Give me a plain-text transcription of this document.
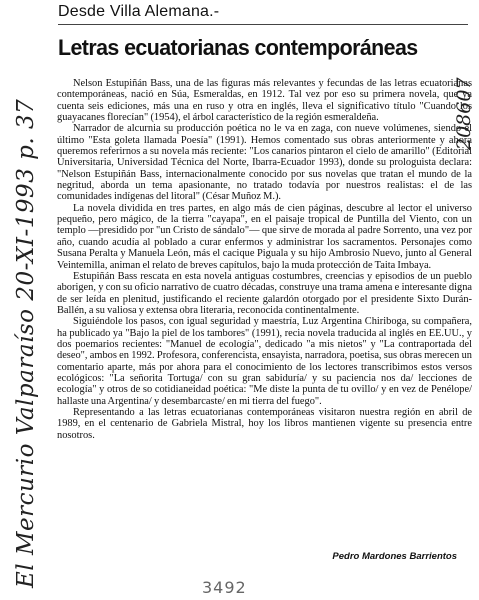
Desde Villa Alemana.-
Letras ecuatorianas contemporáneas

Nelson Estupiñán Bass, una de las figuras más relevantes y fecundas de las letras ecuatorianas contemporáneas, nació en Súa, Esmeraldas, en 1912. Tal vez por eso su primera novela, que ya cuenta seis ediciones, más una en ruso y otra en inglés, lleva el significativo título "Cuando los guayacanes florecían" (1954), el árbol característico de la región esmeraldeña.

Narrador de alcurnia su producción poética no le va en zaga, con nueve volúmenes, siendo el último "Esta goleta llamada Poesía" (1991). Hemos comentado sus obras anteriormente y ahora queremos referirnos a su novela más reciente: "Los canarios pintaron el cielo de amarillo" (Editorial Universitaria, Universidad Técnica del Norte, Ibarra-Ecuador 1993), donde su prologuista declara: "Nelson Estupiñán Bass, internacionalmente conocido por sus novelas que tratan el mundo de la negritud, aborda un tema apasionante, no tratado todavía por nuestros realistas: el de las comunidades indígenas del litoral" (César Muñoz M.).

La novela dividida en tres partes, en algo más de cien páginas, descubre al lector el universo pequeño, pero mágico, de la tierra "cayapa", en el paisaje tropical de Puntilla del Viento, con un templo —presidido por "un Cristo de sándalo"— que sirve de morada al padre Sorrento, una vez por año, cuando acudía al poblado a curar enfermos y administrar los sacramentos. Personajes como Susana Peralta y Manuela León, más el cacique Piguala y su hijo Ambrosio Nuevo, junto al General Veintemilla, animan el relato de breves capítulos, bajo la muda protección de Taita Imbaya.

Estupiñán Bass rescata en esta novela antiguas costumbres, creencias y episodios de un pueblo aborigen, y con su oficio narrativo de cuatro décadas, construye una trama amena e interesante digna de ser leída en plenitud, justificando el reciente galardón otorgado por el presidente Sixto Durán-Ballén, a su valiosa y extensa obra literaria, reconocida continentalmente.

Siguiéndole los pasos, con igual seguridad y maestría, Luz Argentina Chiriboga, su compañera, ha publicado ya "Bajo la piel de los tambores" (1991), recia novela traducida al inglés en EE.UU., y dos poemarios recientes: "Manuel de ecología", dedicado "a mis nietos" y "La contraportada del deseo", ambos en 1992. Profesora, conferencista, ensayista, narradora, poetisa, sus obras merecen un comentario aparte, más por ahora para el conocimiento de los lectores transcribimos estos versos ecológicos: "La señorita Tortuga/ con su gran sabiduría/ y su paciencia nos da/ lecciones de ecología" y otros de so cotidianeidad poética: "Me diste la punta de tu ovillo/ y en vez de Penélope/ hallaste una Argentina/ y desembarcaste/ en mi tierra del fuego".

Representando a las letras ecuatorianas contemporáneas visitaron nuestra región en abril de 1989, en el centenario de Gabriela Mistral, hoy los libros mantienen vigente su presencia entre nosotros.

Pedro Mardones Barrientos
El Mercurio Valparaíso 20-XI-1993 p. 37	208607
3492
